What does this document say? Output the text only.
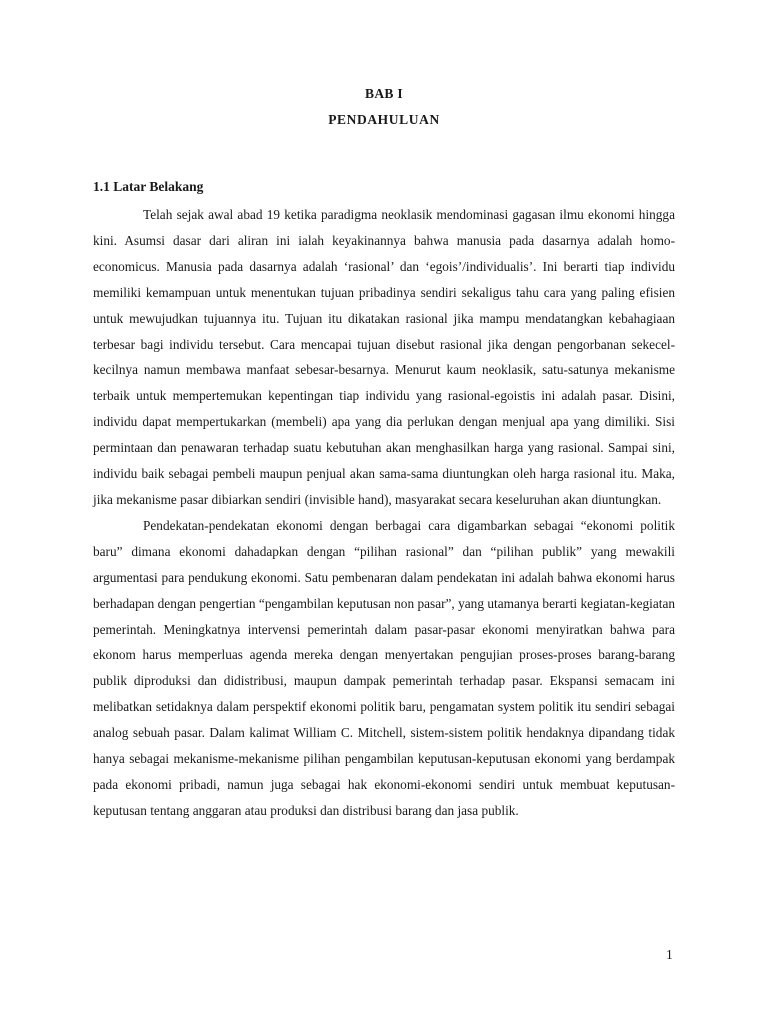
BAB I
PENDAHULUAN
1.1 Latar Belakang

Telah sejak awal abad 19 ketika paradigma neoklasik mendominasi gagasan ilmu ekonomi hingga kini. Asumsi dasar dari aliran ini ialah keyakinannya bahwa manusia pada dasarnya adalah homo-economicus. Manusia pada dasarnya adalah ‘rasional’ dan ‘egois’/individualis’. Ini berarti tiap individu memiliki kemampuan untuk menentukan tujuan pribadinya sendiri sekaligus tahu cara yang paling efisien untuk mewujudkan tujuannya itu. Tujuan itu dikatakan rasional jika mampu mendatangkan kebahagiaan terbesar bagi individu tersebut. Cara mencapai tujuan disebut rasional jika dengan pengorbanan sekecel-kecilnya namun membawa manfaat sebesar-besarnya. Menurut kaum neoklasik, satu-satunya mekanisme terbaik untuk mempertemukan kepentingan tiap individu yang rasional-egoistis ini adalah pasar. Disini, individu dapat mempertukarkan (membeli) apa yang dia perlukan dengan menjual apa yang dimiliki. Sisi permintaan dan penawaran terhadap suatu kebutuhan akan menghasilkan harga yang rasional. Sampai sini, individu baik sebagai pembeli maupun penjual akan sama-sama diuntungkan oleh harga rasional itu. Maka, jika mekanisme pasar dibiarkan sendiri (invisible hand), masyarakat secara keseluruhan akan diuntungkan.

Pendekatan-pendekatan ekonomi dengan berbagai cara digambarkan sebagai “ekonomi politik baru” dimana ekonomi dahadapkan dengan “pilihan rasional” dan “pilihan publik” yang mewakili argumentasi para pendukung ekonomi. Satu pembenaran dalam pendekatan ini adalah bahwa ekonomi harus berhadapan dengan pengertian “pengambilan keputusan non pasar”, yang utamanya berarti kegiatan-kegiatan pemerintah. Meningkatnya intervensi pemerintah dalam pasar-pasar ekonomi menyiratkan bahwa para ekonom harus memperluas agenda mereka dengan menyertakan pengujian proses-proses barang-barang publik diproduksi dan didistribusi, maupun dampak pemerintah terhadap pasar. Ekspansi semacam ini melibatkan setidaknya dalam perspektif ekonomi politik baru, pengamatan system politik itu sendiri sebagai analog sebuah pasar. Dalam kalimat William C. Mitchell, sistem-sistem politik hendaknya dipandang tidak hanya sebagai mekanisme-mekanisme pilihan pengambilan keputusan-keputusan ekonomi yang berdampak pada ekonomi pribadi, namun juga sebagai hak ekonomi-ekonomi sendiri untuk membuat keputusan-keputusan tentang anggaran atau produksi dan distribusi barang dan jasa publik.

1
